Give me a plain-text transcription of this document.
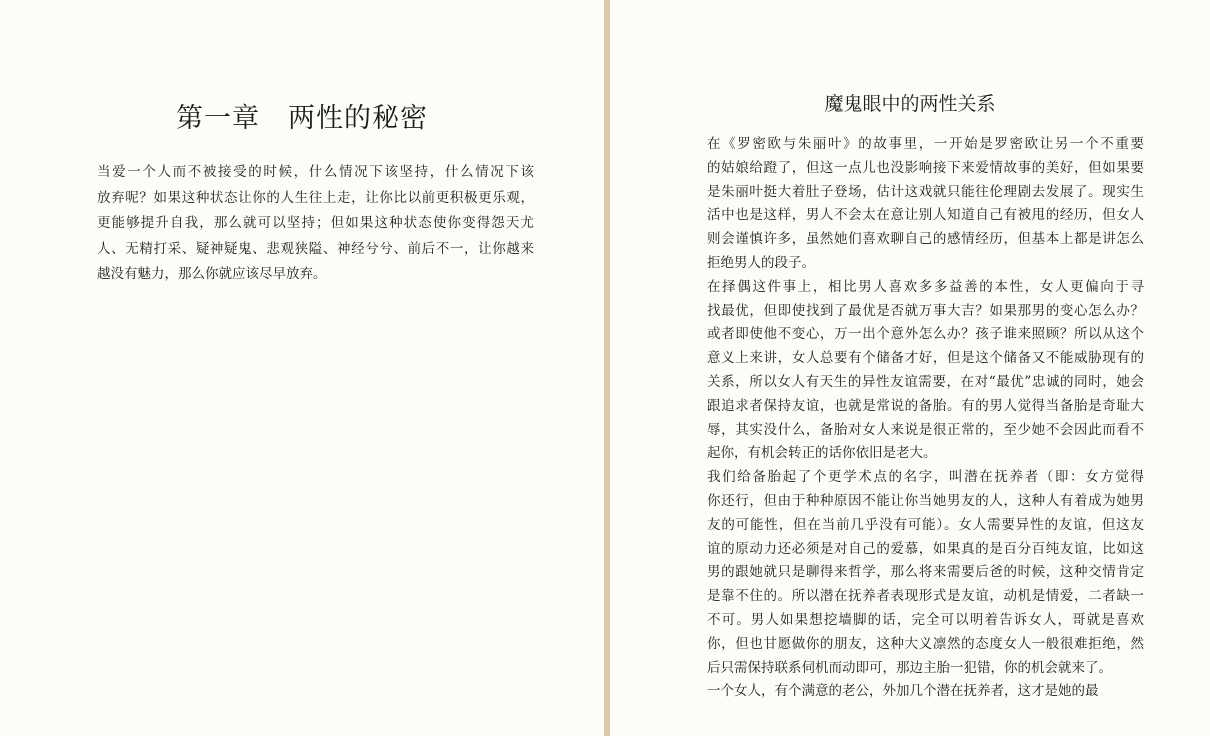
第一章　两性的秘密

当爱一个人而不被接受的时候，什么情况下该坚持，什么情况下该
放弃呢？如果这种状态让你的人生往上走，让你比以前更积极更乐观，
更能够提升自我，那么就可以坚持；但如果这种状态使你变得怨天尤
人、无精打采、疑神疑鬼、悲观狭隘、神经兮兮、前后不一，让你越来
越没有魅力，那么你就应该尽早放弃。

魔鬼眼中的两性关系

在《罗密欧与朱丽叶》的故事里，一开始是罗密欧让另一个不重要
的姑娘给蹬了，但这一点儿也没影响接下来爱情故事的美好，但如果要
是朱丽叶挺大着肚子登场，估计这戏就只能往伦理剧去发展了。现实生
活中也是这样，男人不会太在意让别人知道自己有被甩的经历，但女人
则会谨慎许多，虽然她们喜欢聊自己的感情经历，但基本上都是讲怎么
拒绝男人的段子。

在择偶这件事上，相比男人喜欢多多益善的本性，女人更偏向于寻
找最优，但即使找到了最优是否就万事大吉？如果那男的变心怎么办？
或者即使他不变心，万一出个意外怎么办？孩子谁来照顾？所以从这个
意义上来讲，女人总要有个储备才好，但是这个储备又不能威胁现有的
关系，所以女人有天生的异性友谊需要，在对“最优”忠诚的同时，她会
跟追求者保持友谊，也就是常说的备胎。有的男人觉得当备胎是奇耻大
辱，其实没什么，备胎对女人来说是很正常的，至少她不会因此而看不
起你，有机会转正的话你依旧是老大。

我们给备胎起了个更学术点的名字，叫潜在抚养者（即：女方觉得
你还行，但由于种种原因不能让你当她男友的人，这种人有着成为她男
友的可能性，但在当前几乎没有可能）。女人需要异性的友谊，但这友
谊的原动力还必须是对自己的爱慕，如果真的是百分百纯友谊，比如这
男的跟她就只是聊得来哲学，那么将来需要后爸的时候，这种交情肯定
是靠不住的。所以潜在抚养者表现形式是友谊，动机是情爱，二者缺一
不可。男人如果想挖墙脚的话，完全可以明着告诉女人，哥就是喜欢
你，但也甘愿做你的朋友，这种大义凛然的态度女人一般很难拒绝，然
后只需保持联系伺机而动即可，那边主胎一犯错，你的机会就来了。

一个女人，有个满意的老公，外加几个潜在抚养者，这才是她的最
